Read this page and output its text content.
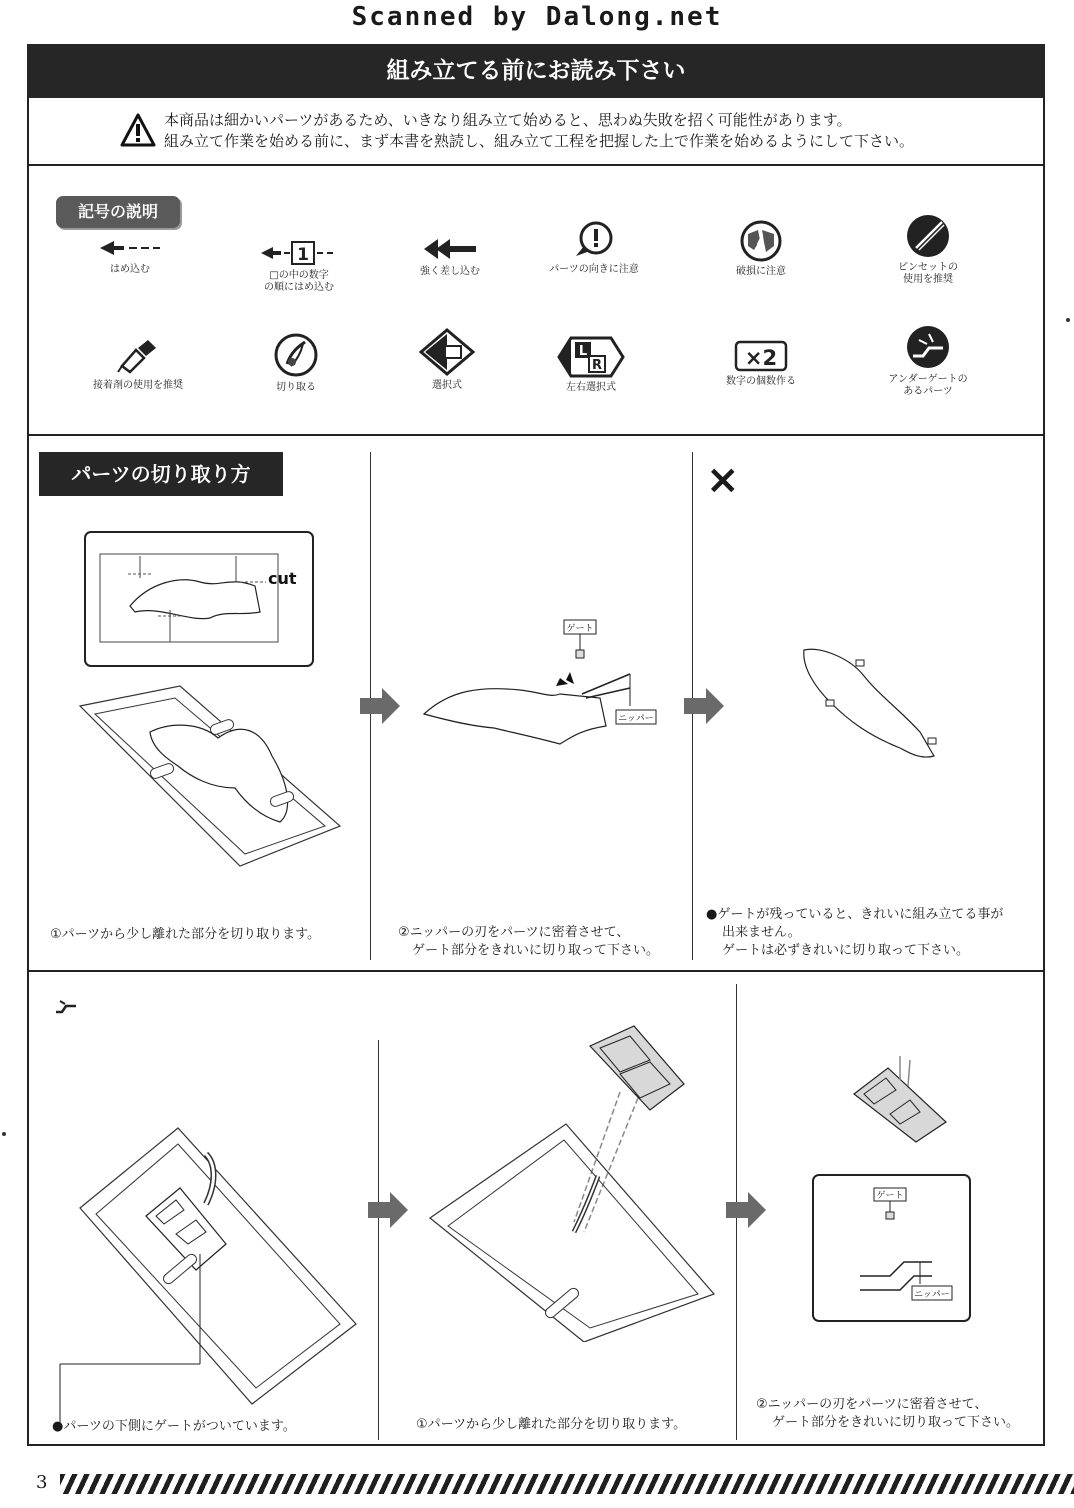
Scanned by Dalong.net
組み立てる前にお読み下さい
本商品は細かいパーツがあるため、いきなり組み立て始めると、思わぬ失敗を招く可能性があります。
組み立て作業を始める前に、まず本書を熟読し、組み立て工程を把握した上で作業を始めるようにして下さい。
記号の説明
はめ込む
1
□の中の数字
の順にはめ込む
強く差し込む	パーツの向きに注意	破損に注意	ピンセットの
使用を推奨
接着剤の使用を推奨	切り取る	選択式
L
R
左右選択式
×2
数字の個数作る	アンダーゲートの
あるパーツ
パーツの切り取り方
cut
①パーツから少し離れた部分を切り取ります。
ゲート
ニッパー
②ニッパーの刃をパーツに密着させて、
ゲート部分をきれいに切り取って下さい。
×
●ゲートが残っていると、きれいに組み立てる事が
出来ません。
ゲートは必ずきれいに切り取って下さい。
マークのついたパーツの切り取り方
●パーツの下側にゲートがついています。	①パーツから少し離れた部分を切り取ります。
ゲート
ニッパー
②ニッパーの刃をパーツに密着させて、
ゲート部分をきれいに切り取って下さい。
3
